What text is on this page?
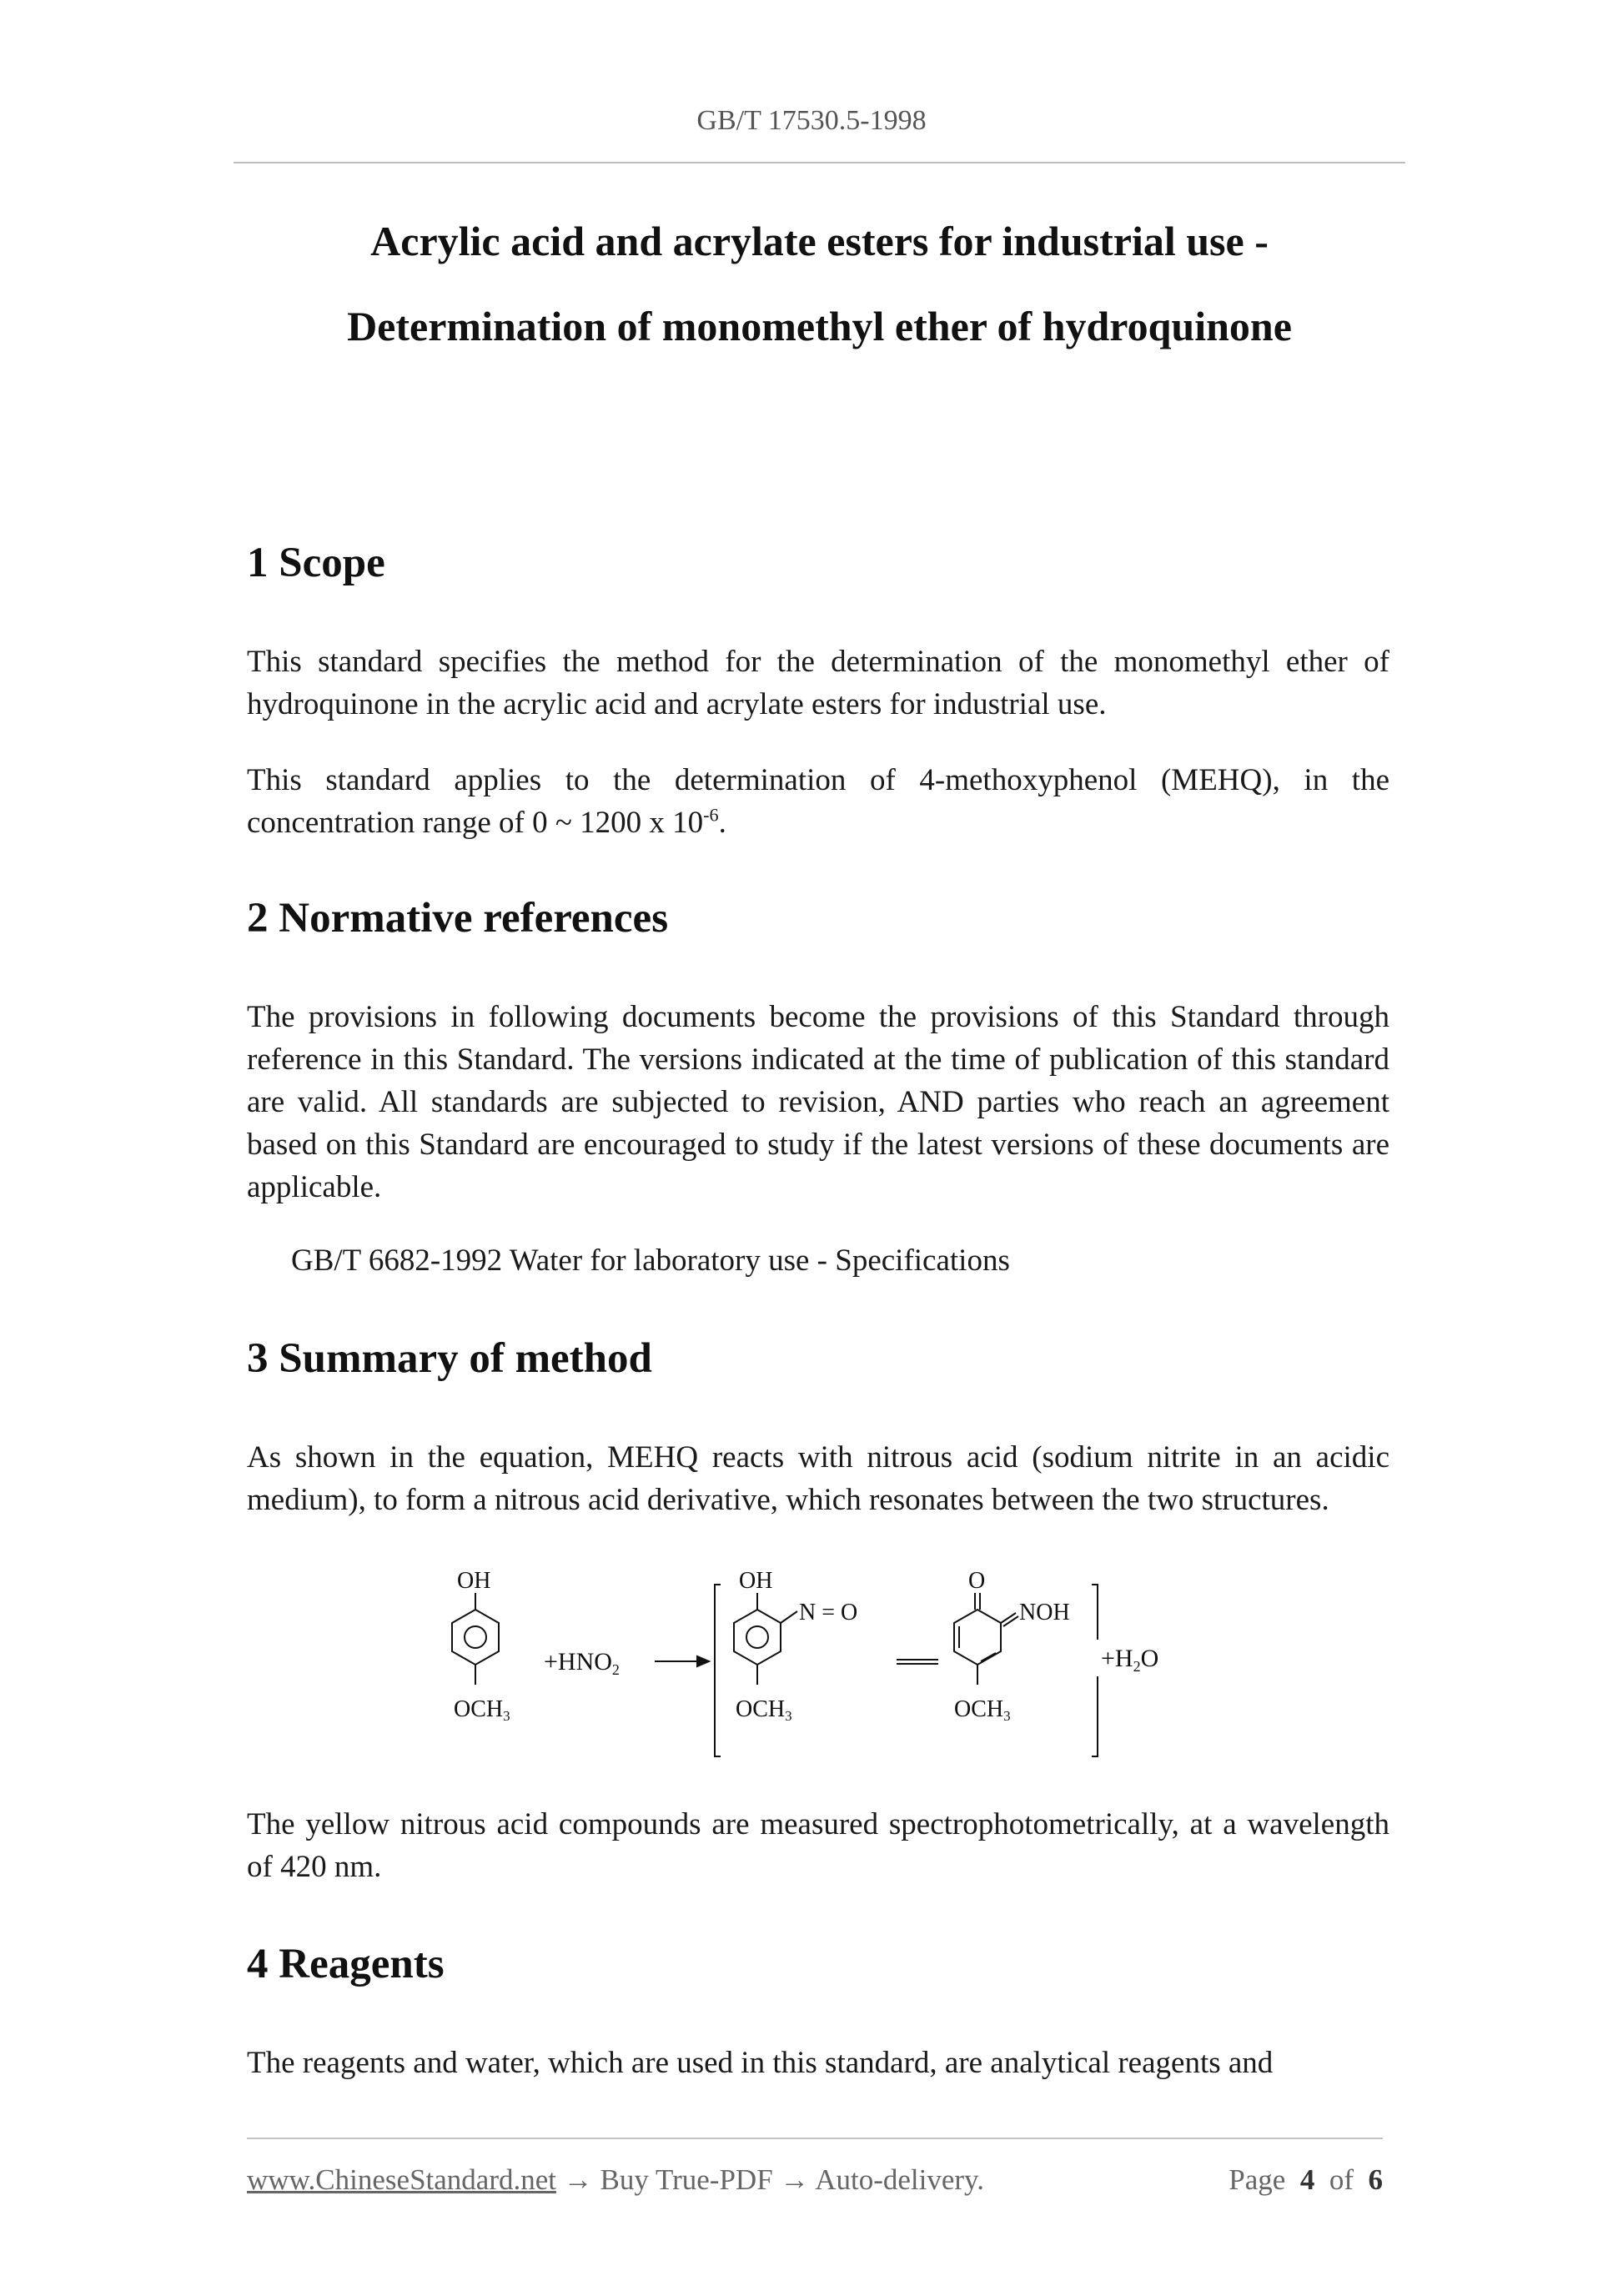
GB/T 17530.5-1998
Acrylic acid and acrylate esters for industrial use -
Determination of monomethyl ether of hydroquinone
1 Scope

This standard specifies the method for the determination of the monomethyl ether of hydroquinone in the acrylic acid and acrylate esters for industrial use.

This standard applies to the determination of 4-methoxyphenol (MEHQ), in the concentration range of 0 ~ 1200 x $10^{-6}$.

2 Normative references

The provisions in following documents become the provisions of this Standard through reference in this Standard. The versions indicated at the time of publication of this standard are valid. All standards are subjected to revision, AND parties who reach an agreement based on this Standard are encouraged to study if the latest versions of these documents are applicable.

GB/T 6682-1992 Water for laboratory use - Specifications

3 Summary of method

As shown in the equation, MEHQ reacts with nitrous acid (sodium nitrite in an acidic medium), to form a nitrous acid derivative, which resonates between the two structures.

OH
OCH3
$+HNO_2$
OH
N = O
OCH3
O
NOH
OCH3
$+H_2O$

The yellow nitrous acid compounds are measured spectrophotometrically, at a wavelength of 420 nm.

4 Reagents

The reagents and water, which are used in this standard, are analytical reagents and

www.ChineseStandard.net → Buy True-PDF → Auto-delivery.	Page 4 of 6
